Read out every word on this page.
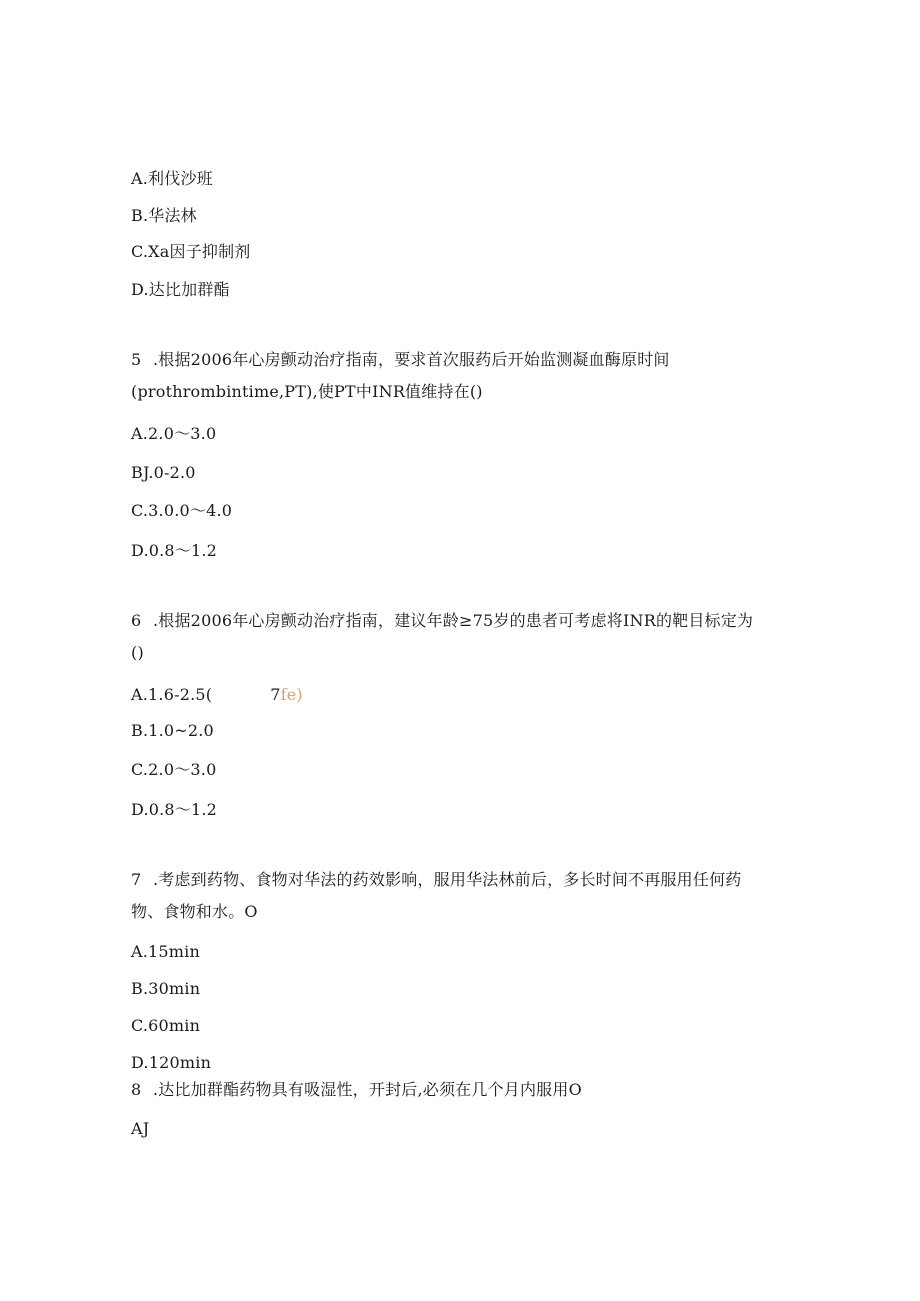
A.利伐沙班
B.华法林
C.Xa因子抑制剂
D.达比加群酯
5 .根据2006年心房颤动治疗指南，要求首次服药后开始监测凝血酶原时间
(prothrombintime,PT),使PT中INR值维持在()
A.2.0～3.0
BJ.0-2.0
C.3.0.0～4.0
D.0.8～1.2
6 .根据2006年心房颤动治疗指南，建议年龄≥75岁的患者可考虑将INR的靶目标定为
()
A.1.6-2.5(	7fe)
B.1.0~2.0
C.2.0～3.0
D.0.8～1.2
7 .考虑到药物、食物对华法的药效影响，服用华法林前后，多长时间不再服用任何药
物、食物和水。O
A.15min
B.30min
C.60min
D.120min
8 .达比加群酯药物具有吸湿性，开封后,必须在几个月内服用O
AJ
